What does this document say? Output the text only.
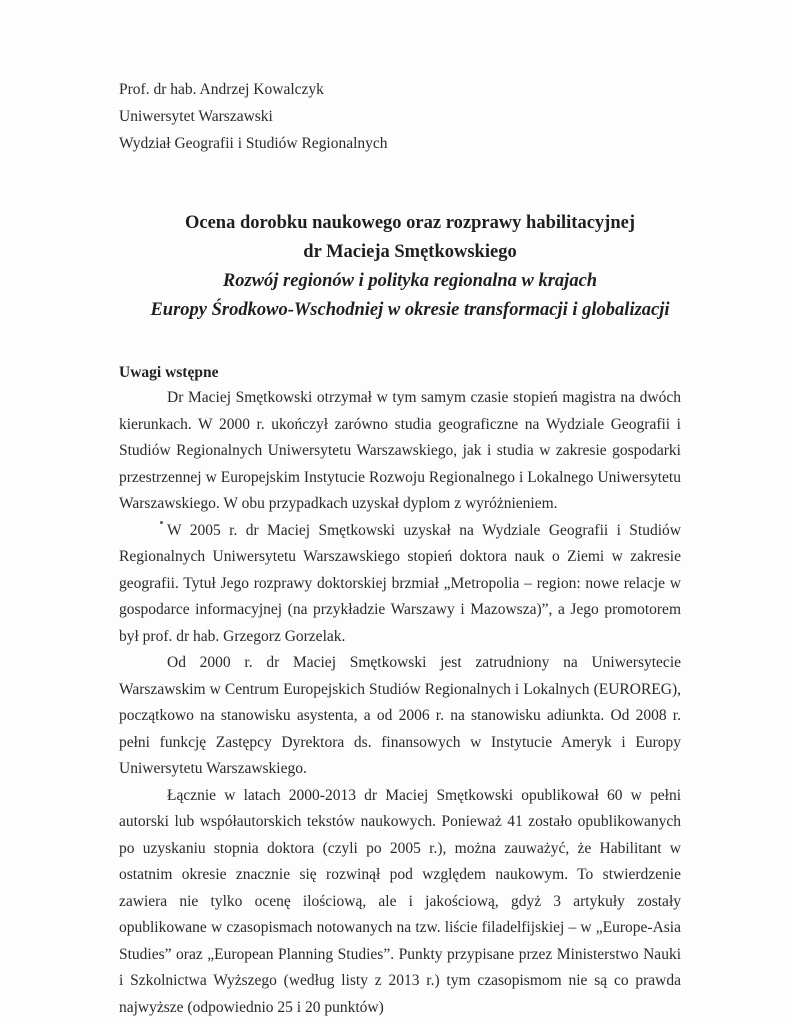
Prof. dr hab. Andrzej Kowalczyk
Uniwersytet Warszawski
Wydział Geografii i Studiów Regionalnych
Ocena dorobku naukowego oraz rozprawy habilitacyjnej
dr Macieja Smętkowskiego
Rozwój regionów i polityka regionalna w krajach
Europy Środkowo-Wschodniej w okresie transformacji i globalizacji
Uwagi wstępne

Dr Maciej Smętkowski otrzymał w tym samym czasie stopień magistra na dwóch kierunkach. W 2000 r. ukończył zarówno studia geograficzne na Wydziale Geografii i Studiów Regionalnych Uniwersytetu Warszawskiego, jak i studia w zakresie gospodarki przestrzennej w Europejskim Instytucie Rozwoju Regionalnego i Lokalnego Uniwersytetu Warszawskiego. W obu przypadkach uzyskał dyplom z wyróżnieniem.

W 2005 r. dr Maciej Smętkowski uzyskał na Wydziale Geografii i Studiów Regionalnych Uniwersytetu Warszawskiego stopień doktora nauk o Ziemi w zakresie geografii. Tytuł Jego rozprawy doktorskiej brzmiał „Metropolia – region: nowe relacje w gospodarce informacyjnej (na przykładzie Warszawy i Mazowsza)”, a Jego promotorem był prof. dr hab. Grzegorz Gorzelak.

Od 2000 r. dr Maciej Smętkowski jest zatrudniony na Uniwersytecie Warszawskim w Centrum Europejskich Studiów Regionalnych i Lokalnych (EUROREG), początkowo na stanowisku asystenta, a od 2006 r. na stanowisku adiunkta. Od 2008 r. pełni funkcję Zastępcy Dyrektora ds. finansowych w Instytucie Ameryk i Europy Uniwersytetu Warszawskiego.

Łącznie w latach 2000-2013 dr Maciej Smętkowski opublikował 60 w pełni autorski lub współautorskich tekstów naukowych. Ponieważ 41 zostało opublikowanych po uzyskaniu stopnia doktora (czyli po 2005 r.), można zauważyć, że Habilitant w ostatnim okresie znacznie się rozwinął pod względem naukowym. To stwierdzenie zawiera nie tylko ocenę ilościową, ale i jakościową, gdyż 3 artykuły zostały opublikowane w czasopismach notowanych na tzw. liście filadelfijskiej – w „Europe-Asia Studies” oraz „European Planning Studies”. Punkty przypisane przez Ministerstwo Nauki i Szkolnictwa Wyższego (według listy z 2013 r.) tym czasopismom nie są co prawda najwyższe (odpowiednio 25 i 20 punktów)
